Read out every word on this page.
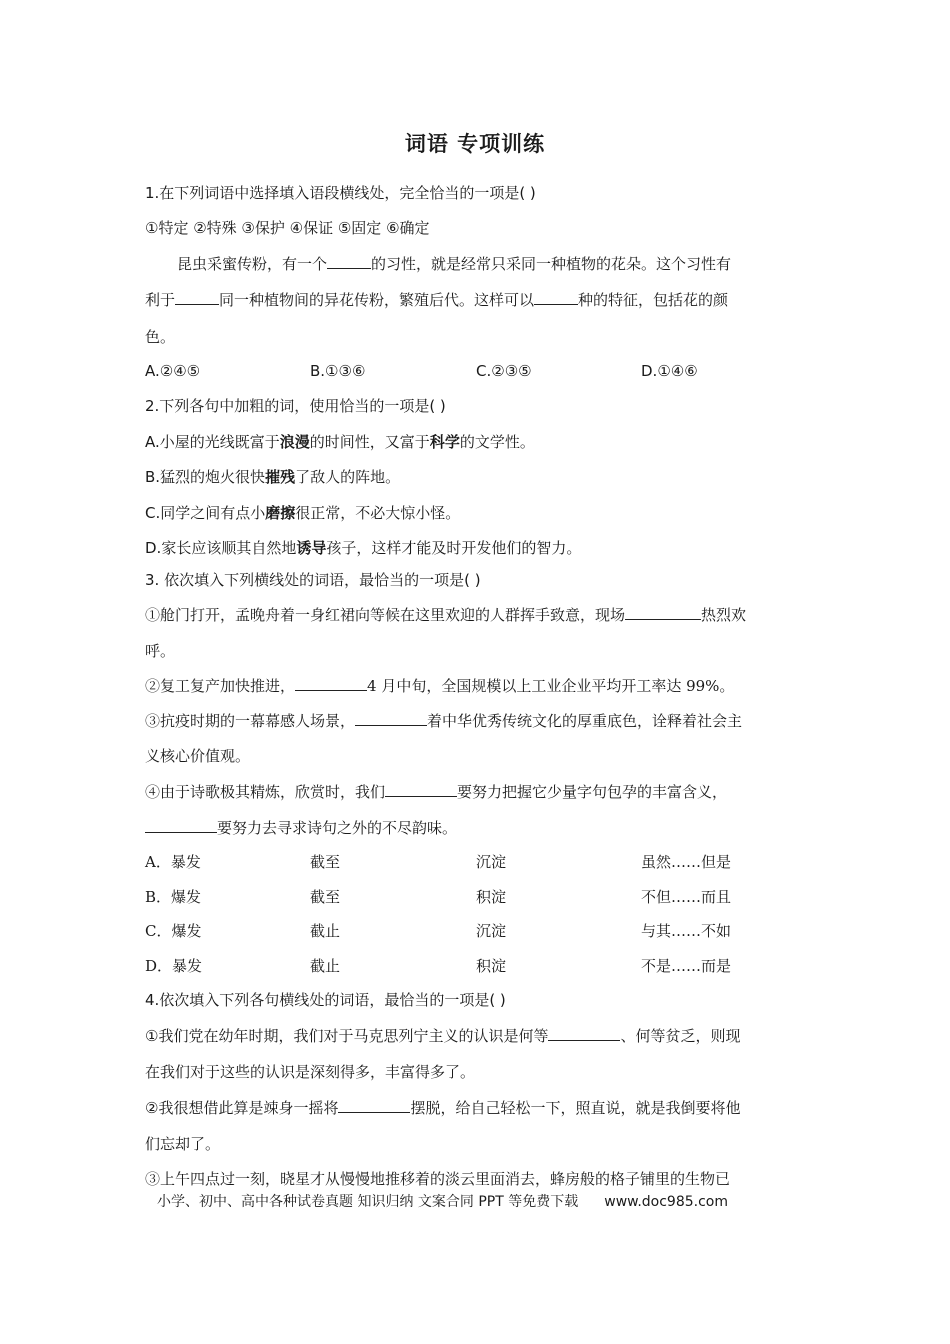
词语 专项训练
1.在下列词语中选择填入语段横线处，完全恰当的一项是( )
①特定 ②特殊 ③保护 ④保证 ⑤固定 ⑥确定
昆虫采蜜传粉，有一个	的习性，就是经常只采同一种植物的花朵。这个习性有
利于	同一种植物间的异花传粉，繁殖后代。这样可以	种的特征，包括花的颜
色。
A.②④⑤	B.①③⑥	C.②③⑤	D.①④⑥
2.下列各句中加粗的词，使用恰当的一项是( )
A.小屋的光线既富于浪漫的时间性，又富于科学的文学性。
B.猛烈的炮火很快摧残了敌人的阵地。
C.同学之间有点小磨擦很正常，不必大惊小怪。
D.家长应该顺其自然地诱导孩子，这样才能及时开发他们的智力。
3. 依次填入下列横线处的词语，最恰当的一项是( )
①舱门打开，孟晚舟着一身红裙向等候在这里欢迎的人群挥手致意，现场	热烈欢
呼。
②复工复产加快推进，	4 月中旬，全国规模以上工业企业平均开工率达 99%。
③抗疫时期的一幕幕感人场景，	着中华优秀传统文化的厚重底色，诠释着社会主
义核心价值观。
④由于诗歌极其精炼，欣赏时，我们	要努力把握它少量字句包孕的丰富含义，
要努力去寻求诗句之外的不尽韵味。
A．暴发	截至	沉淀	虽然……但是
B．爆发	截至	积淀	不但……而且
C．爆发	截止	沉淀	与其……不如
D．暴发	截止	积淀	不是……而是
4.依次填入下列各句横线处的词语，最恰当的一项是( )
①我们党在幼年时期，我们对于马克思列宁主义的认识是何等	、何等贫乏，则现
在我们对于这些的认识是深刻得多，丰富得多了。
②我很想借此算是竦身一摇将	摆脱，给自己轻松一下，照直说，就是我倒要将他
们忘却了。
③上午四点过一刻，晓星才从慢慢地推移着的淡云里面消去，蜂房般的格子铺里的生物已
小学、初中、高中各种试卷真题 知识归纳 文案合同 PPT 等免费下载 www.doc985.com
